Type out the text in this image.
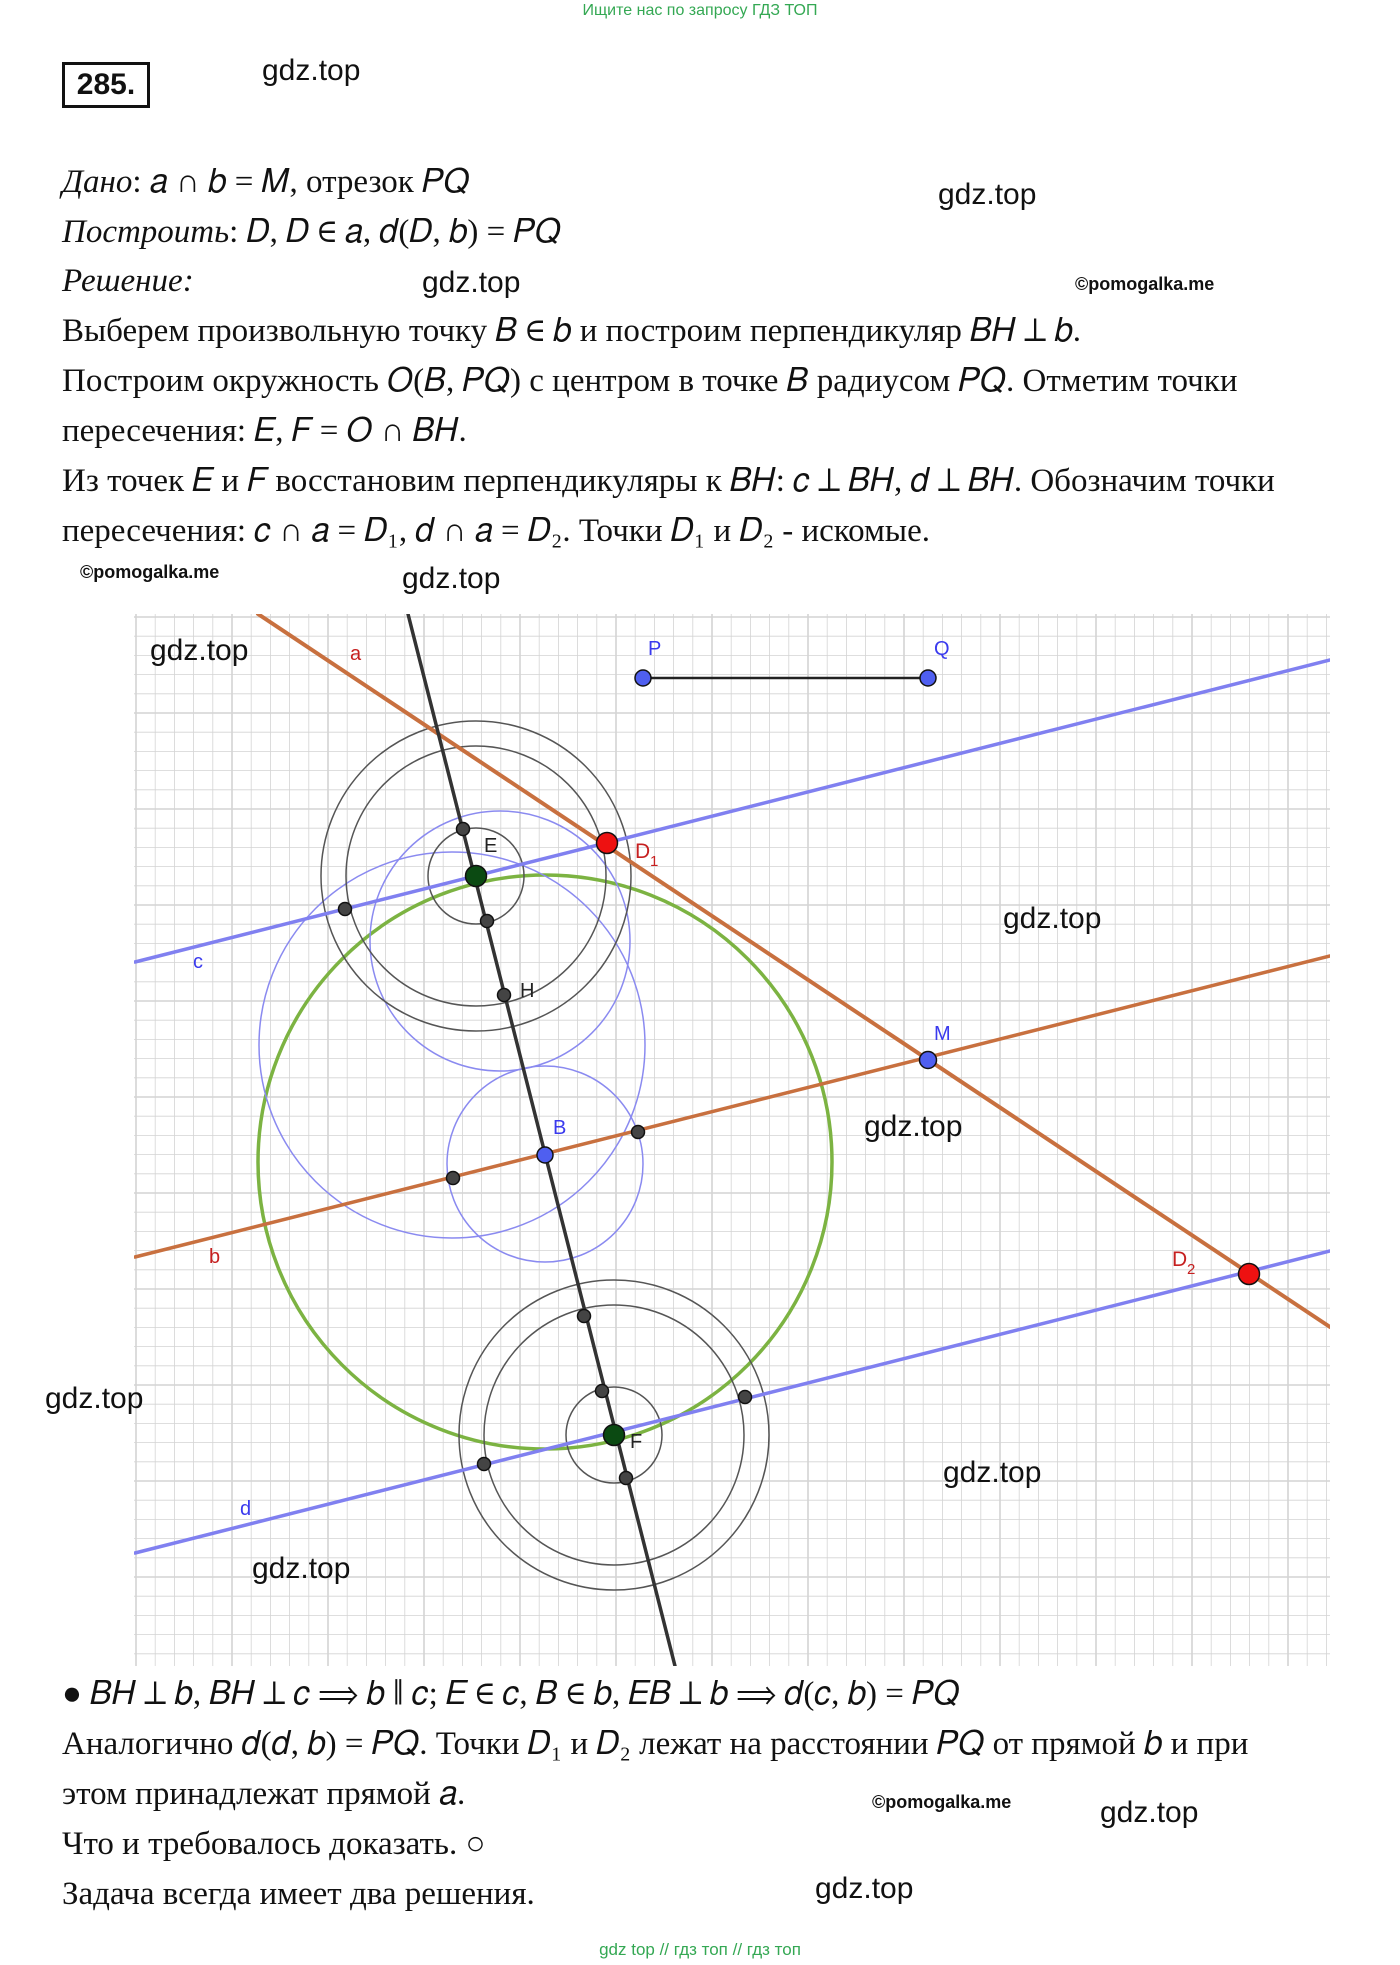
Ищите нас по запросу ГДЗ ТОП
285.	gdz.top
gdz.top
gdz.top	©pomogalka.me
©pomogalka.me	gdz.top
Дано: 𝑎 ∩ 𝑏 = 𝑀, отрезок 𝑃𝑄
Построить: 𝐷, 𝐷 ∈ 𝑎, 𝑑(𝐷, 𝑏) = 𝑃𝑄
Решение:
Выберем произвольную точку 𝐵 ∈ 𝑏 и построим перпендикуляр 𝐵𝐻 ⊥ 𝑏.
Построим окружность 𝑂(𝐵, 𝑃𝑄) с центром в точке 𝐵 радиусом 𝑃𝑄. Отметим точки
пересечения: 𝐸, 𝐹 = 𝑂 ∩ 𝐵𝐻.
Из точек 𝐸 и 𝐹 восстановим перпендикуляры к 𝐵𝐻: 𝑐 ⊥ 𝐵𝐻, 𝑑 ⊥ 𝐵𝐻. Обозначим точки
пересечения: 𝑐 ∩ 𝑎 = 𝐷₁, 𝑑 ∩ 𝑎 = 𝐷₂. Точки 𝐷₁ и 𝐷₂ - искомые.
a
b
c
d
P	Q
M
B
E
H
F
D 1
D 2
gdz.top
gdz.top
gdz.top
gdz.top
gdz.top
gdz.top
● 𝐵𝐻 ⊥ 𝑏, 𝐵𝐻 ⊥ 𝑐 ⟹ 𝑏 ∥ 𝑐; 𝐸 ∈ 𝑐, 𝐵 ∈ 𝑏, 𝐸𝐵 ⊥ 𝑏 ⟹ 𝑑(𝑐, 𝑏) = 𝑃𝑄
Аналогично 𝑑(𝑑, 𝑏) = 𝑃𝑄. Точки 𝐷₁ и 𝐷₂ лежат на расстоянии 𝑃𝑄 от прямой 𝑏 и при
этом принадлежат прямой 𝑎.
Что и требовалось доказать. ○
Задача всегда имеет два решения.
©pomogalka.me	gdz.top
gdz.top
gdz top // гдз топ // гдз топ
